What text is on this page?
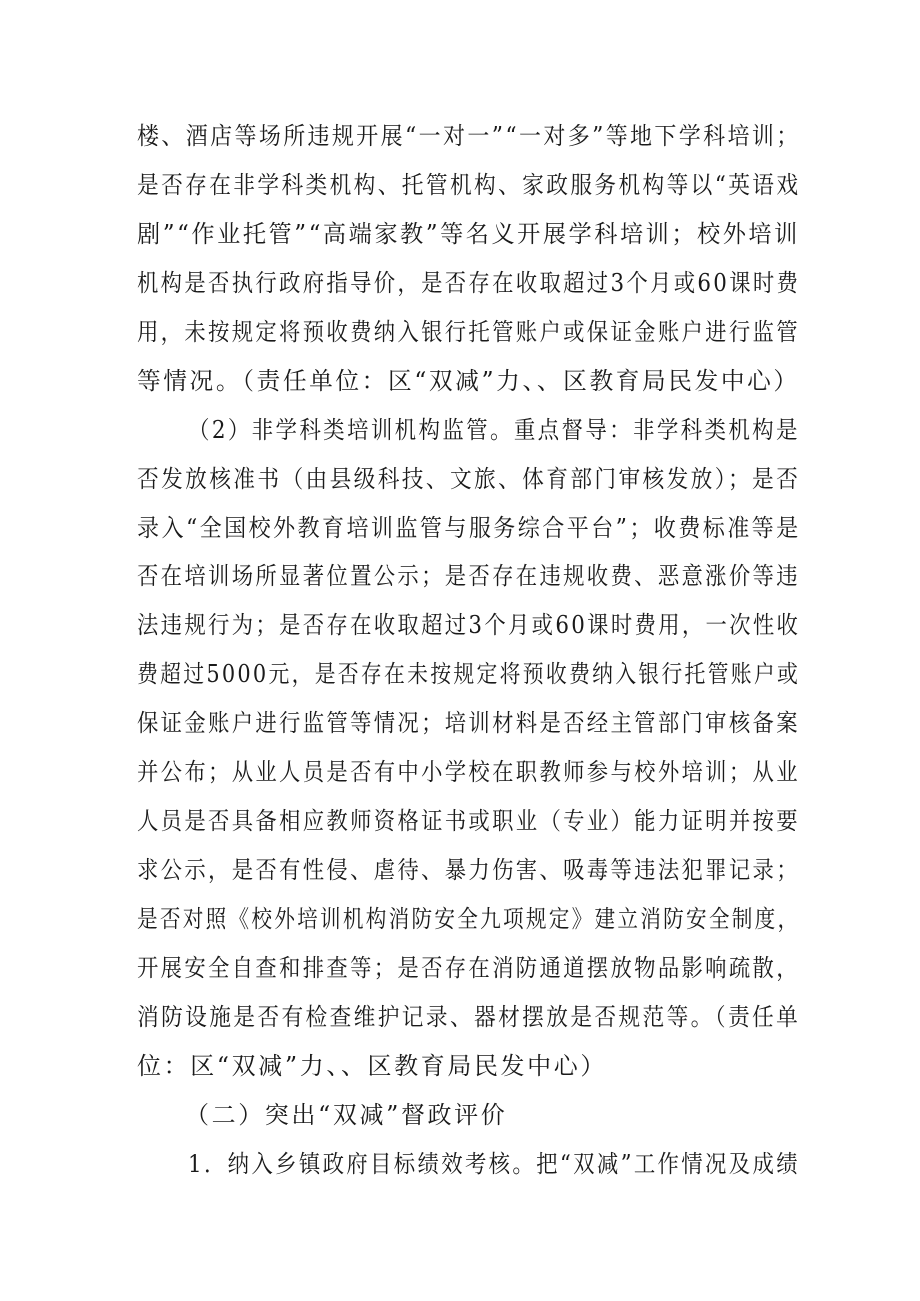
楼、酒店等场所违规开展“一对一”“一对多”等地下学科培训；
是否存在非学科类机构、托管机构、家政服务机构等以“英语戏
剧”“作业托管”“高端家教”等名义开展学科培训；校外培训
机构是否执行政府指导价，是否存在收取超过3个月或60课时费
用，未按规定将预收费纳入银行托管账户或保证金账户进行监管
等情况。（责任单位：区“双减”力、、区教育局民发中心）
（2）非学科类培训机构监管。重点督导：非学科类机构是
否发放核准书（由县级科技、文旅、体育部门审核发放）；是否
录入“全国校外教育培训监管与服务综合平台”；收费标准等是
否在培训场所显著位置公示；是否存在违规收费、恶意涨价等违
法违规行为；是否存在收取超过3个月或60课时费用，一次性收
费超过5000元，是否存在未按规定将预收费纳入银行托管账户或
保证金账户进行监管等情况；培训材料是否经主管部门审核备案
并公布；从业人员是否有中小学校在职教师参与校外培训；从业
人员是否具备相应教师资格证书或职业（专业）能力证明并按要
求公示，是否有性侵、虐待、暴力伤害、吸毒等违法犯罪记录；
是否对照《校外培训机构消防安全九项规定》建立消防安全制度，
开展安全自查和排查等；是否存在消防通道摆放物品影响疏散，
消防设施是否有检查维护记录、器材摆放是否规范等。（责任单
位：区“双减”力、、区教育局民发中心）
（二）突出“双减”督政评价
1．纳入乡镇政府目标绩效考核。把“双减”工作情况及成绩
